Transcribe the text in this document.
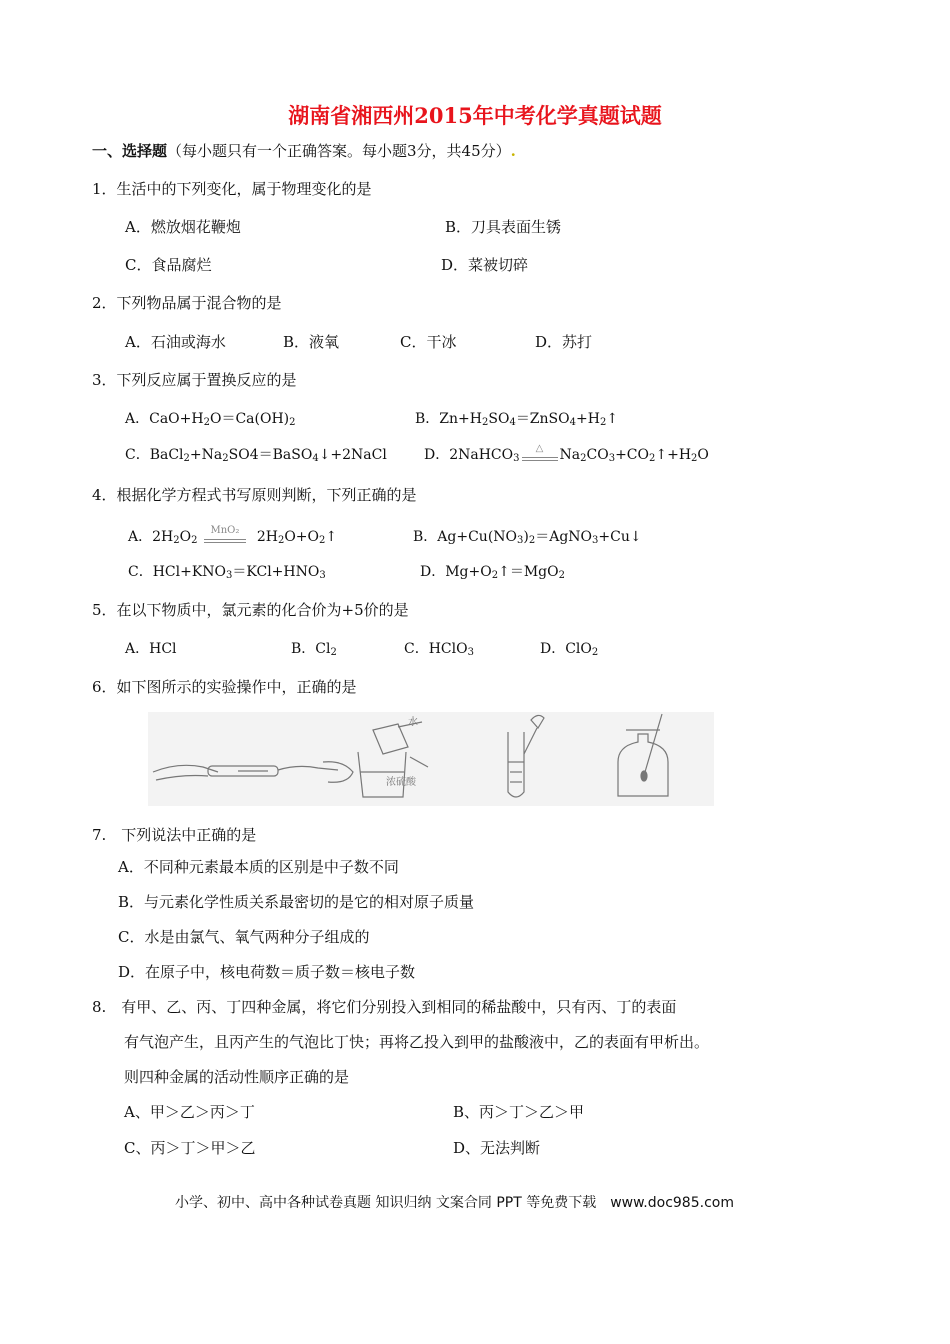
湖南省湘西州2015年中考化学真题试题
一、选择题（每小题只有一个正确答案。每小题3分，共45分）.
1．生活中的下列变化，属于物理变化的是
A．燃放烟花鞭炮	B．刀具表面生锈
C．食品腐烂	D．菜被切碎
2．下列物品属于混合物的是
A．石油或海水	B．液氧	C．干冰	D．苏打
3．下列反应属于置换反应的是
A．$CaO+H_2O=Ca(OH)_2$	B．$Zn+H_2SO_4=ZnSO_4+H_2↑$
C．$BaCl_2+Na_2SO4=BaSO_4↓+2NaCl$	D．2NaHCO$_3$
△	$Na_2CO_3+CO_2↑+H_2O$
4．根据化学方程式书写原则判断，下列正确的是
A．$2H_2O_2$
MnO₂	$2H_2O+O_2↑$	B．$Ag+Cu(NO_3)_2=AgNO_3+Cu↓$
C．$HCl+KNO_3=KCl+HNO_3$	D．$Mg+O_2↑=MgO_2$
5．在以下物质中，氯元素的化合价为+5价的是
A．HCl	B．$Cl_2$	C．HClO$_3$	D．ClO$_2$
6．如下图所示的实验操作中，正确的是
水
浓硫酸
7.　下列说法中正确的是
A．不同种元素最本质的区别是中子数不同
B．与元素化学性质关系最密切的是它的相对原子质量
C．水是由氯气、氧气两种分子组成的
D．在原子中，核电荷数＝质子数＝核电子数
8.　有甲、乙、丙、丁四种金属，将它们分别投入到相同的稀盐酸中，只有丙、丁的表面
有气泡产生，且丙产生的气泡比丁快；再将乙投入到甲的盐酸液中，乙的表面有甲析出。
则四种金属的活动性顺序正确的是
A、甲＞乙＞丙＞丁	B、丙＞丁＞乙＞甲
C、丙＞丁＞甲＞乙	D、无法判断
小学、初中、高中各种试卷真题 知识归纳 文案合同 PPT 等免费下载　www.doc985.com
